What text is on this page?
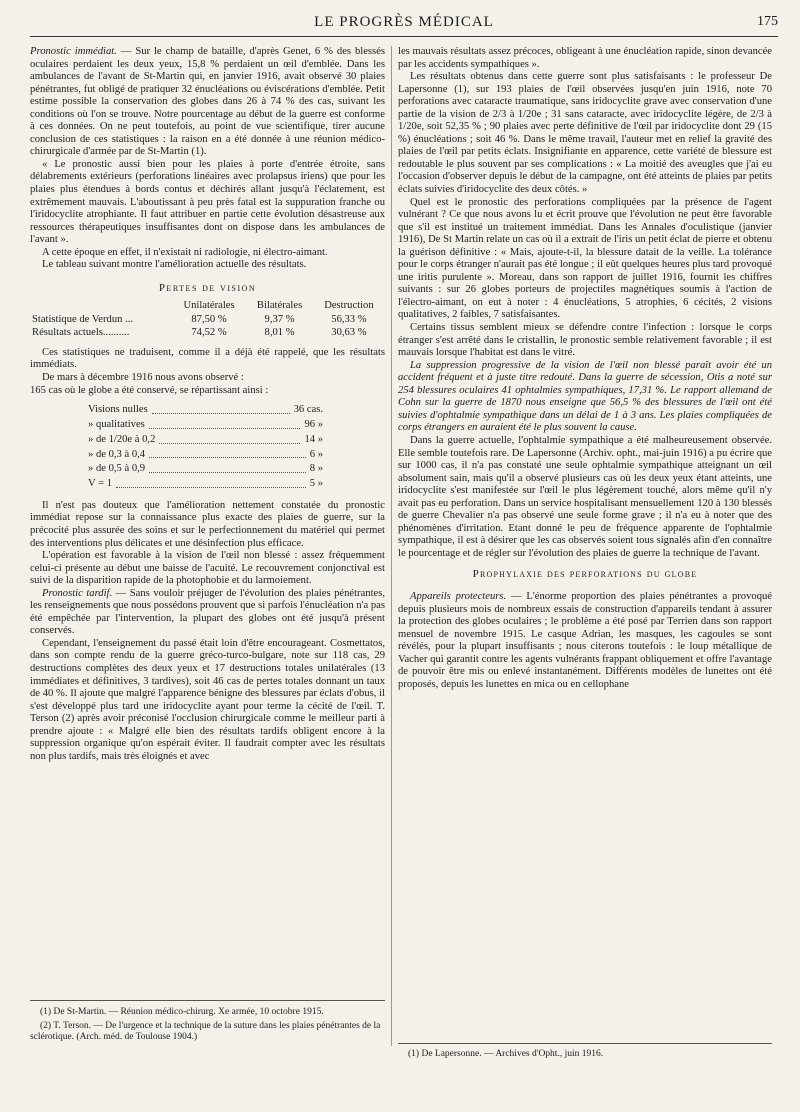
LE PROGRÈS MÉDICAL	175

Pronostic immédiat. — Sur le champ de bataille, d'après Genet, 6 % des blessés oculaires perdaient les deux yeux, 15,8 % perdaient un œil d'emblée. Dans les ambulances de l'avant de St-Martin qui, en janvier 1916, avait observé 30 plaies pénétrantes, fut obligé de pratiquer 32 énucléations ou éviscérations d'emblée. Petit estime possible la conservation des globes dans 26 à 74 % des cas, suivant les conditions où l'on se trouve. Notre pourcentage au début de la guerre est conforme à ces données. On ne peut toutefois, au point de vue scientifique, tirer aucune conclusion de ces statistiques : la raison en a été donnée à une réunion médico-chirurgicale d'armée par de St-Martin (1).

« Le pronostic aussi bien pour les plaies à porte d'entrée étroite, sans délabrements extérieurs (perforations linéaires avec prolapsus iriens) que pour les plaies plus étendues à bords contus et déchirés allant jusqu'à l'éclatement, est extrêmement mauvais. L'aboutissant à peu près fatal est la suppuration franche ou l'iridocyclite atrophiante. Il faut attribuer en partie cette évolution désastreuse aux ressources thérapeutiques insuffisantes dont on dispose dans les ambulances de l'avant ».

A cette époque en effet, il n'existait ni radiologie, ni électro-aimant.

Le tableau suivant montre l'amélioration actuelle des résultats.

Pertes de vision
	Unilatérales	Bilatérales	Destruction
Statistique de Verdun ...	87,50 %	9,37 %	56,33 %
Résultats actuels..........	74,52 %	8,01 %	30,63 %

Ces statistiques ne traduisent, comme il a déjà été rappelé, que les résultats immédiats.

De mars à décembre 1916 nous avons observé :

165 cas où le globe a été conservé, se répartissant ainsi :

Visions nulles	36 cas.
» qualitatives	96 »
» de 1/20e à 0,2	14 »
» de 0,3 à 0,4	6 »
» de 0,5 à 0,9	8 »
V = 1	5 »

Il n'est pas douteux que l'amélioration nettement constatée du pronostic immédiat repose sur la connaissance plus exacte des plaies de guerre, sur la précocité plus assurée des soins et sur le perfectionnement du matériel qui permet des interventions plus délicates et une désinfection plus efficace.

L'opération est favorable à la vision de l'œil non blessé : assez fréquemment celui-ci présente au début une baisse de l'acuité. Le recouvrement conjonctival est suivi de la disparition rapide de la photophobie et du larmoiement.

Pronostic tardif. — Sans vouloir préjuger de l'évolution des plaies pénétrantes, les renseignements que nous possédons prouvent que si parfois l'énucléation n'a pas été empêchée par l'intervention, la plupart des globes ont été jusqu'à présent conservés.

Cependant, l'enseignement du passé était loin d'être encourageant. Cosmettatos, dans son compte rendu de la guerre gréco-turco-bulgare, note sur 118 cas, 29 destructions complètes des deux yeux et 17 destructions totales unilatérales (13 immédiates et définitives, 3 tardives), soit 46 cas de pertes totales donnant un taux de 40 %. Il ajoute que malgré l'apparence bénigne des blessures par éclats d'obus, il s'est développé plus tard une iridocyclite ayant pour terme la cécité de l'œil. T. Terson (2) après avoir préconisé l'occlusion chirurgicale comme le meilleur parti à prendre ajoute : « Malgré elle bien des résultats tardifs obligent encore à la suppression organique qu'on espérait éviter. Il faudrait compter avec les résultats non plus tardifs, mais très éloignés et avec

(1) De St-Martin. — Réunion médico-chirurg. Xe armée, 10 octobre 1915.

(2) T. Terson. — De l'urgence et la technique de la suture dans les plaies pénétrantes de la sclérotique. (Arch. méd. de Toulouse 1904.)

les mauvais résultats assez précoces, obligeant à une énucléation rapide, sinon devancée par les accidents sympathiques ».

Les résultats obtenus dans cette guerre sont plus satisfaisants : le professeur De Lapersonne (1), sur 193 plaies de l'œil observées jusqu'en juin 1916, note 70 perforations avec cataracte traumatique, sans iridocyclite grave avec conservation d'une partie de la vision de 2/3 à 1/20e ; 31 sans cataracte, avec iridocyclite légère, de 2/3 à 1/20e, soit 52,35 % ; 90 plaies avec perte définitive de l'œil par iridocyclite dont 29 (15 %) énucléations ; soit 46 %. Dans le même travail, l'auteur met en relief la gravité des plaies de l'œil par petits éclats. Insignifiante en apparence, cette variété de blessure est redoutable le plus souvent par ses complications : « La moitié des aveugles que j'ai eu l'occasion d'observer depuis le début de la campagne, ont été atteints de plaies par petits éclats suivies d'iridocyclite des deux côtés. »

Quel est le pronostic des perforations compliquées par la présence de l'agent vulnérant ? Ce que nous avons lu et écrit prouve que l'évolution ne peut être favorable que s'il est institué un traitement immédiat. Dans les Annales d'oculistique (janvier 1916), De St Martin relate un cas où il a extrait de l'iris un petit éclat de pierre et obtenu la guérison définitive : « Mais, ajoute-t-il, la blessure datait de la veille. La tolérance pour le corps étranger n'aurait pas été longue ; il eût quelques heures plus tard provoqué une iritis purulente ». Moreau, dans son rapport de juillet 1916, fournit les chiffres suivants : sur 26 globes porteurs de projectiles magnétiques soumis à l'action de l'électro-aimant, on eut à noter : 4 énucléations, 5 atrophies, 6 cécités, 2 visions qualitatives, 2 faibles, 7 satisfaisantes.

Certains tissus semblent mieux se défendre contre l'infection : lorsque le corps étranger s'est arrêté dans le cristallin, le pronostic semble relativement favorable ; il est mauvais lorsque l'habitat est dans le vitré.

La suppression progressive de la vision de l'œil non blessé paraît avoir été un accident fréquent et à juste titre redouté. Dans la guerre de sécession, Otis a noté sur 254 blessures oculaires 41 ophtalmies sympathiques, 17,31 %. Le rapport allemand de Cohn sur la guerre de 1870 nous enseigne que 56,5 % des blessures de l'œil ont été suivies d'ophtalmie sympathique dans un délai de 1 à 3 ans. Les plaies compliquées de corps étrangers en auraient été le plus souvent la cause.

Dans la guerre actuelle, l'ophtalmie sympathique a été malheureusement observée. Elle semble toutefois rare. De Lapersonne (Archiv. opht., mai-juin 1916) a pu écrire que sur 1000 cas, il n'a pas constaté une seule ophtalmie sympathique atteignant un œil absolument sain, mais qu'il a observé plusieurs cas où les deux yeux étant atteints, une iridocyclite s'est manifestée sur l'œil le plus légèrement touché, alors même qu'il n'y avait pas eu perforation. Dans un service hospitalisant mensuellement 120 à 130 blessés de guerre Chevalier n'a pas observé une seule forme grave ; il n'a eu à noter que des phénomènes d'irritation. Etant donné le peu de fréquence apparente de l'ophtalmie sympathique, il est à désirer que les cas observés soient tous signalés afin d'en connaître le pourcentage et de régler sur l'évolution des plaies de guerre la technique de l'avant.

Prophylaxie des perforations du globe

Appareils protecteurs. — L'énorme proportion des plaies pénétrantes a provoqué depuis plusieurs mois de nombreux essais de construction d'appareils tendant à assurer la protection des globes oculaires ; le problème a été posé par Terrien dans son rapport mensuel de novembre 1915. Le casque Adrian, les masques, les cagoules se sont révélés, pour la plupart insuffisants ; nous citerons toutefois : le loup métallique de Vacher qui garantit contre les agents vulnérants frappant obliquement et offre l'avantage de pouvoir être mis ou enlevé instantanément. Différents modèles de lunettes ont été proposés, depuis les lunettes en mica ou en cellophane

(1) De Lapersonne. — Archives d'Opht., juin 1916.
